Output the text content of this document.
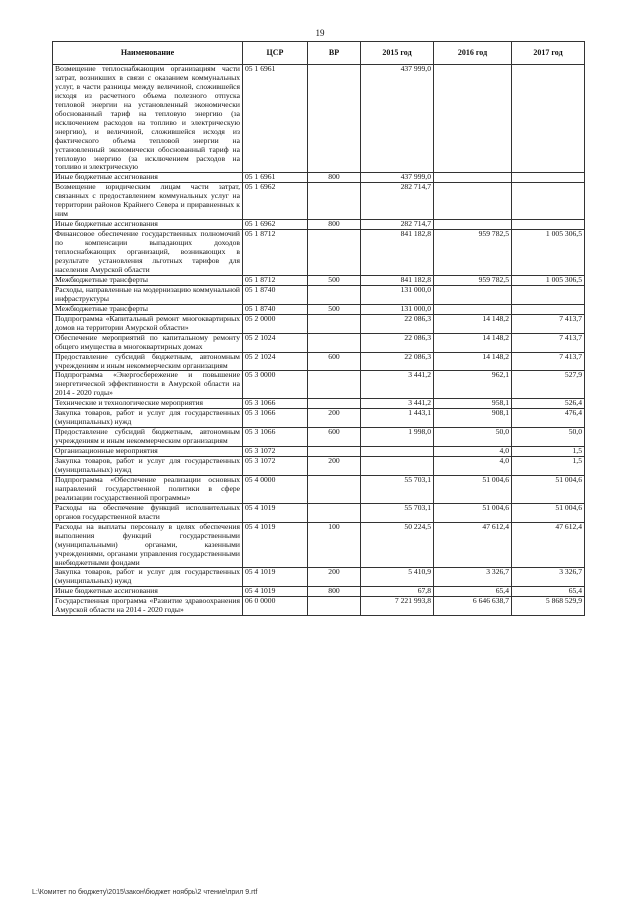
19
Наименование	ЦСР	ВР	2015 год	2016 год	2017 год
Возмещение теплоснабжающим организациям части затрат, возникших в связи с оказанием коммунальных услуг, в части разницы между величиной, сложившейся исходя из расчетного объема полезного отпуска тепловой энергии на установленный экономически обоснованный тариф на тепловую энергию (за исключением расходов на топливо и электрическую энергию), и величиной, сложившейся исходя из фактического объема тепловой энергии на установленный экономически обоснованный тариф на тепловую энергию (за исключением расходов на топливо и электрическую	05 1 6961		437 999,0		
Иные бюджетные ассигнования	05 1 6961	800	437 999,0		
Возмещение юридическим лицам части затрат, связанных с предоставлением коммунальных услуг на территории районов Крайнего Севера и приравненных к ним	05 1 6962		282 714,7		
Иные бюджетные ассигнования	05 1 6962	800	282 714,7		
Финансовое обеспечение государственных полномочий по компенсации выпадающих доходов теплоснабжающих организаций, возникающих в результате установления льготных тарифов для населения Амурской области	05 1 8712		841 182,8	959 782,5	1 005 306,5
Межбюджетные трансферты	05 1 8712	500	841 182,8	959 782,5	1 005 306,5
Расходы, направленные на модернизацию коммунальной инфраструктуры	05 1 8740		131 000,0		
Межбюджетные трансферты	05 1 8740	500	131 000,0		
Подпрограмма «Капитальный ремонт многоквартирных домов на территории Амурской области»	05 2 0000		22 086,3	14 148,2	7 413,7
Обеспечение мероприятий по капитальному ремонту общего имущества в многоквартирных домах	05 2 1024		22 086,3	14 148,2	7 413,7
Предоставление субсидий бюджетным, автономным учреждениям и иным некоммерческим организациям	05 2 1024	600	22 086,3	14 148,2	7 413,7
Подпрограмма «Энергосбережение и повышение энергетической эффективности в Амурской области на 2014 - 2020 годы»	05 3 0000		3 441,2	962,1	527,9
Технические и технологические мероприятия	05 3 1066		3 441,2	958,1	526,4
Закупка товаров, работ и услуг для государственных (муниципальных) нужд	05 3 1066	200	1 443,1	908,1	476,4
Предоставление субсидий бюджетным, автономным учреждениям и иным некоммерческим организациям	05 3 1066	600	1 998,0	50,0	50,0
Организационные мероприятия	05 3 1072			4,0	1,5
Закупка товаров, работ и услуг для государственных (муниципальных) нужд	05 3 1072	200		4,0	1,5
Подпрограмма «Обеспечение реализации основных направлений государственной политики в сфере реализации государственной программы»	05 4 0000		55 703,1	51 004,6	51 004,6
Расходы на обеспечение функций исполнительных органов государственной власти	05 4 1019		55 703,1	51 004,6	51 004,6
Расходы на выплаты персоналу в целях обеспечения выполнения функций государственными (муниципальными) органами, казенными учреждениями, органами управления государственными внебюджетными фондами	05 4 1019	100	50 224,5	47 612,4	47 612,4
Закупка товаров, работ и услуг для государственных (муниципальных) нужд	05 4 1019	200	5 410,9	3 326,7	3 326,7
Иные бюджетные ассигнования	05 4 1019	800	67,8	65,4	65,4
Государственная программа «Развитие здравоохранения Амурской области на 2014 - 2020 годы»	06 0 0000		7 221 993,8	6 646 638,7	5 868 529,9
L:\Комитет по бюджету\2015\закон\бюджет ноябрь\2 чтение\прил 9.rtf
